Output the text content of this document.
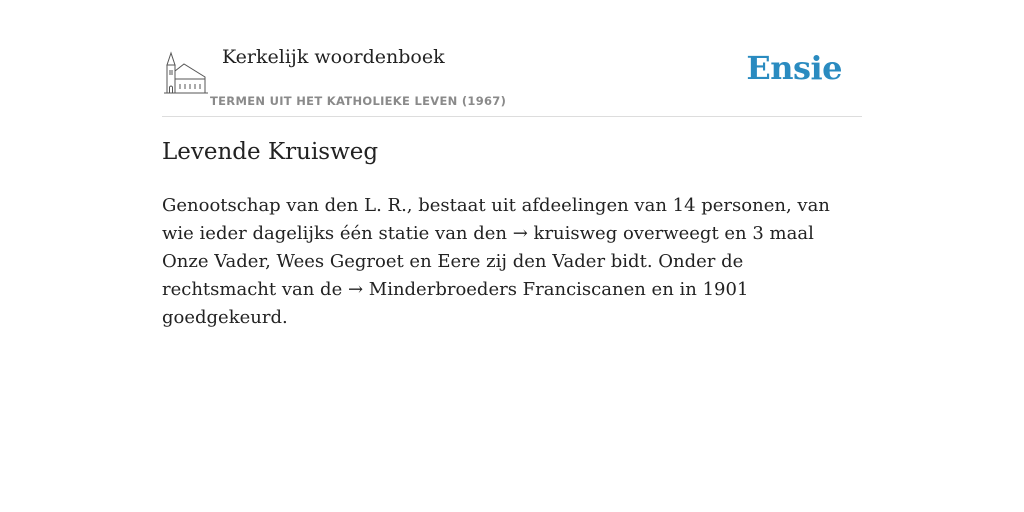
Kerkelijk woordenboek
TERMEN UIT HET KATHOLIEKE LEVEN (1967)
Ensie
Levende Kruisweg

Genootschap van den L. R., bestaat uit afdeelingen van 14 personen, van wie ieder dagelijks één statie van den → kruisweg overweegt en 3 maal Onze Vader, Wees Gegroet en Eere zij den Vader bidt. Onder de rechtsmacht van de → Minderbroeders Franciscanen en in 1901 goedgekeurd.
